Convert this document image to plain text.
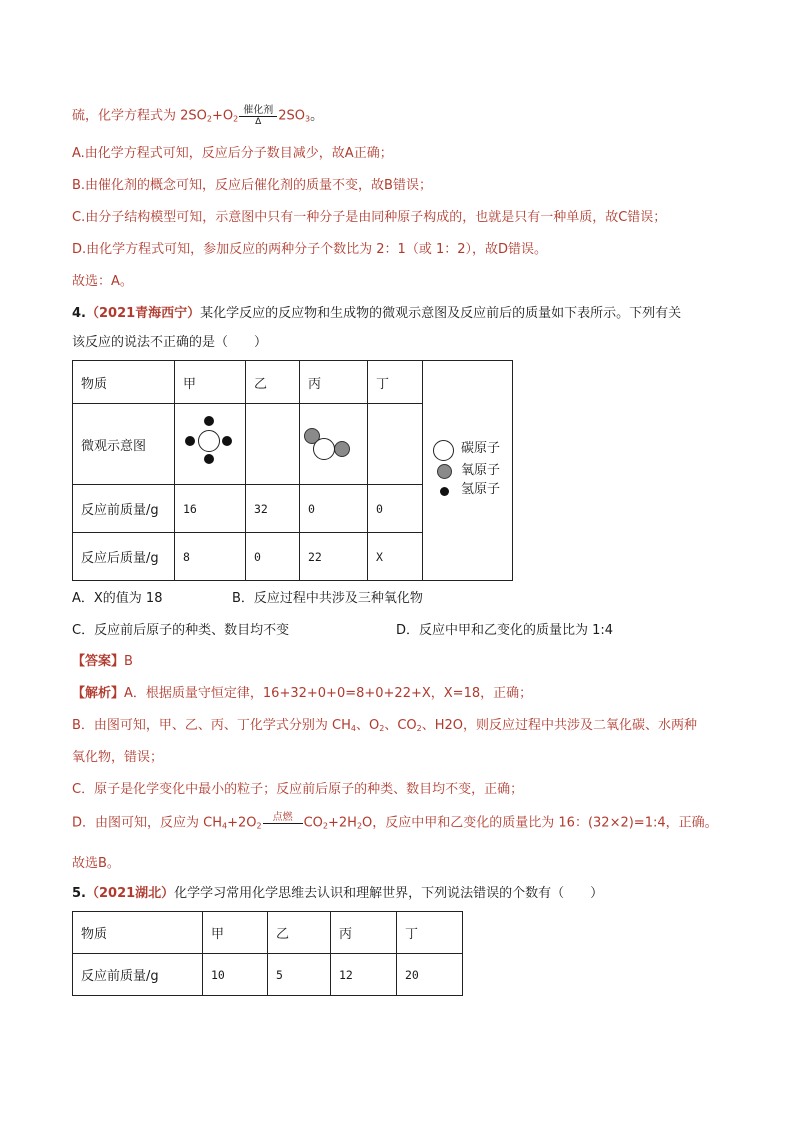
硫，化学方程式为 $2SO_2+O_2$
催化剂
Δ	$2SO_3$。
A.由化学方程式可知，反应后分子数目减少，故A正确；
B.由催化剂的概念可知，反应后催化剂的质量不变，故B错误；
C.由分子结构模型可知，示意图中只有一种分子是由同种原子构成的，也就是只有一种单质，故C错误；
D.由化学方程式可知，参加反应的两种分子个数比为 2：1（或 1：2），故D错误。
故选：A。
4.（2021青海西宁）某化学反应的反应物和生成物的微观示意图及反应前后的质量如下表所示。下列有关
该反应的说法不正确的是（　　）
物质	甲	乙	丙	丁	
微观示意图					
反应前质量/g	16	32	0	0	
反应后质量/g	8	0	22	X	
碳原子
氧原子
氢原子
A．X的值为 18	B．反应过程中共涉及三种氧化物
C．反应前后原子的种类、数目均不变	D．反应中甲和乙变化的质量比为 1:4
【答案】B
【解析】A．根据质量守恒定律，16+32+0+0=8+0+22+X，X=18，正确；
B．由图可知，甲、乙、丙、丁化学式分别为 $CH_4$、$O_2$、$CO_2$、H2O，则反应过程中共涉及二氧化碳、水两种
氧化物，错误；
C．原子是化学变化中最小的粒子；反应前后原子的种类、数目均不变，正确；
D．由图可知，反应为 $CH_4+2O_2$
点燃
$CO_2+2H_2O$，反应中甲和乙变化的质量比为 16：(32×2)=1:4，正确。
故选B。
5.（2021湖北）化学学习常用化学思维去认识和理解世界，下列说法错误的个数有（　　）
物质	甲	乙	丙	丁
反应前质量/g	10	5	12	20
